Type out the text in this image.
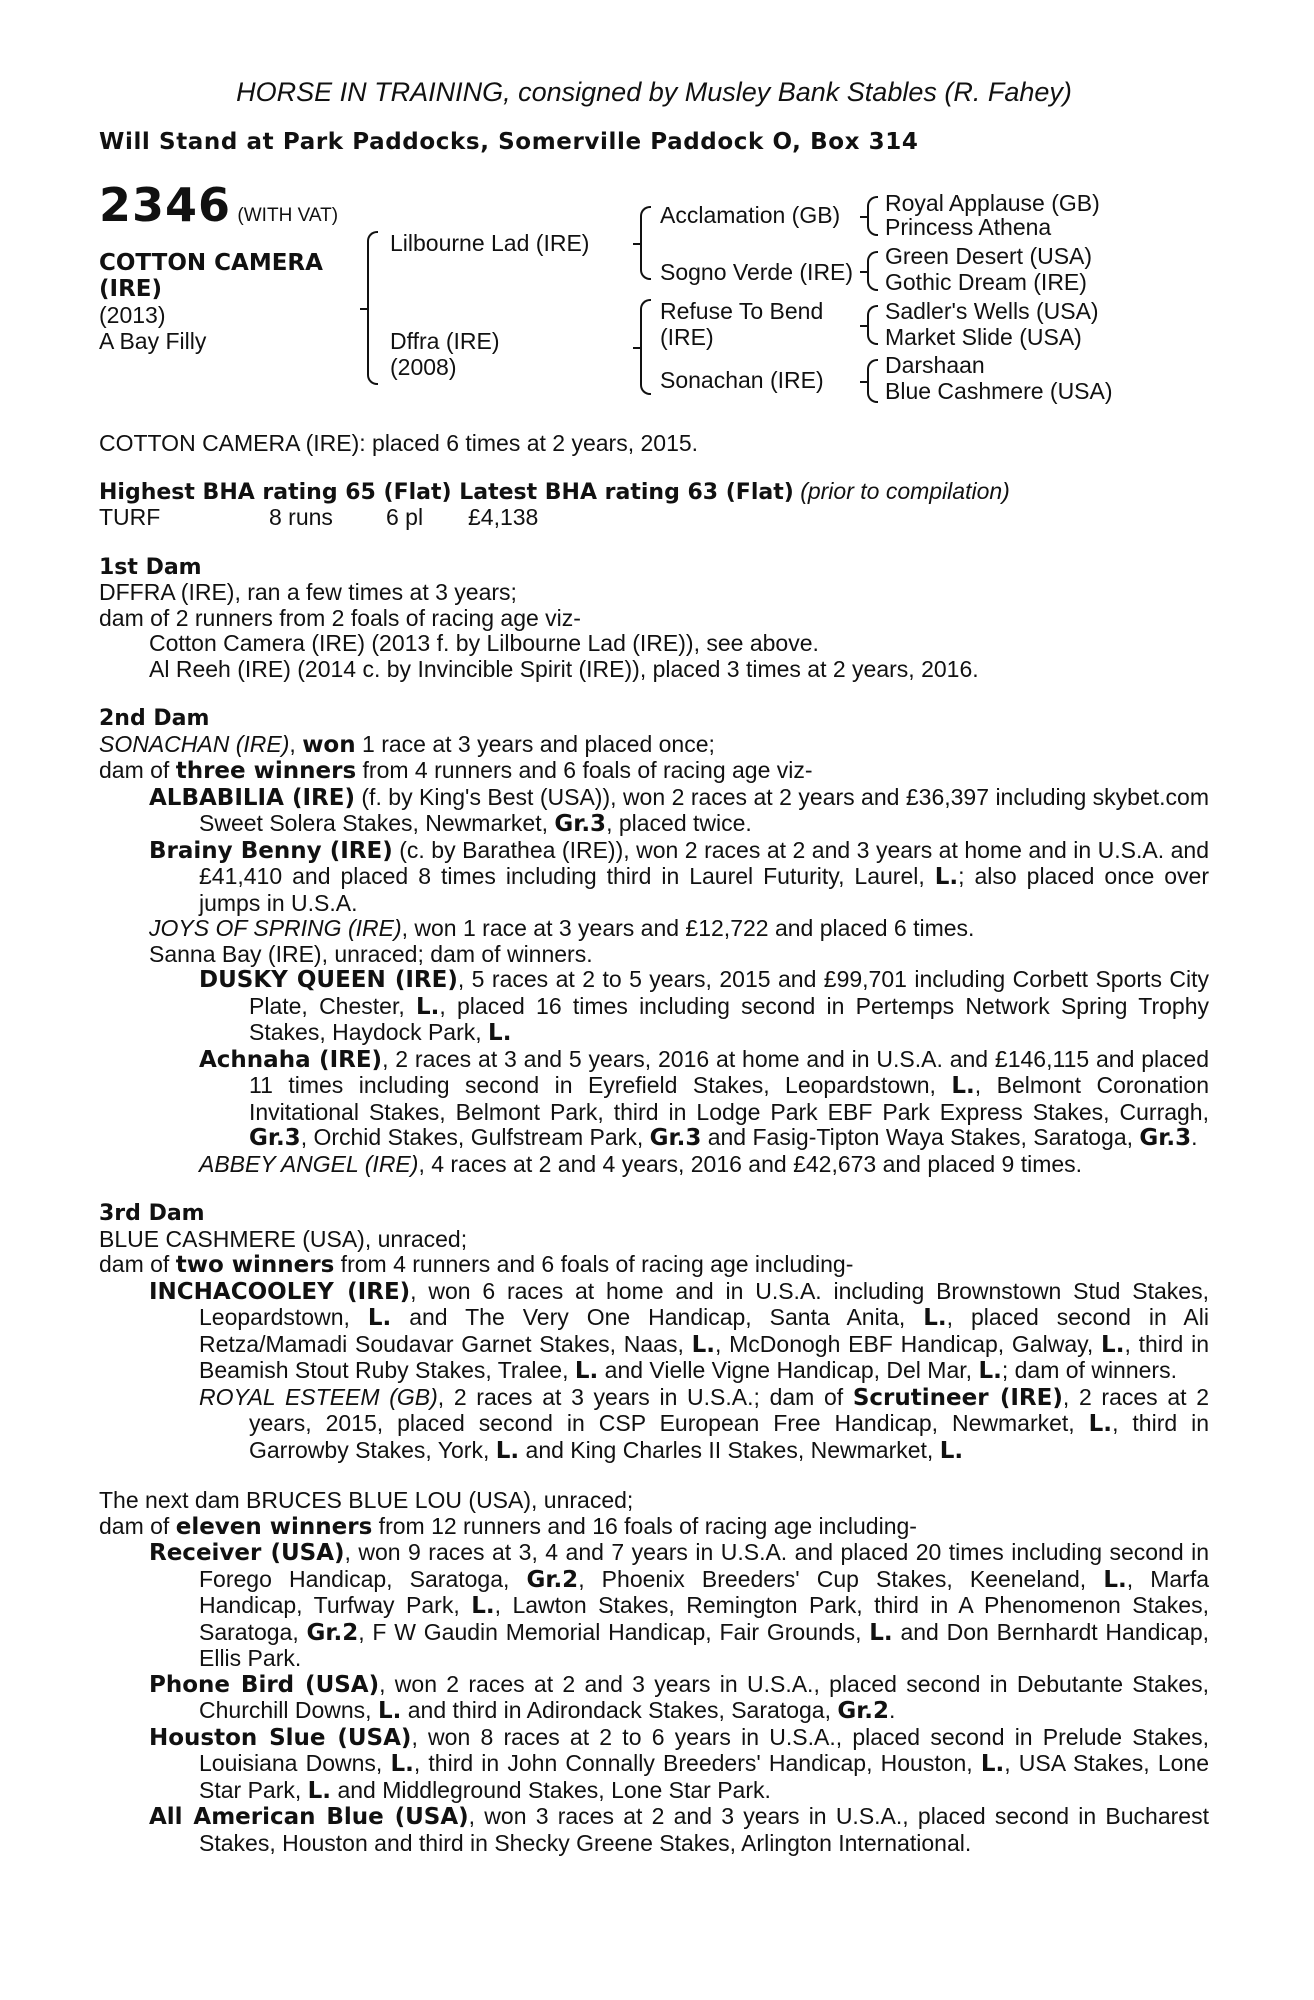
HORSE IN TRAINING, consigned by Musley Bank Stables (R. Fahey)
Will Stand at Park Paddocks, Somerville Paddock O, Box 314
2346 (WITH VAT)
COTTON CAMERA
(IRE)
(2013)
A Bay Filly
Lilbourne Lad (IRE)
Dffra (IRE)
(2008)
Acclamation (GB)
Sogno Verde (IRE)
Refuse To Bend
(IRE)
Sonachan (IRE)
Royal Applause (GB)
Princess Athena
Green Desert (USA)
Gothic Dream (IRE)
Sadler's Wells (USA)
Market Slide (USA)
Darshaan
Blue Cashmere (USA)
COTTON CAMERA (IRE): placed 6 times at 2 years, 2015.
Highest BHA rating 65 (Flat) Latest BHA rating 63 (Flat) (prior to compilation)
TURF	8 runs 6 pl £4,138
1st Dam
DFFRA (IRE), ran a few times at 3 years;
dam of 2 runners from 2 foals of racing age viz-
Cotton Camera (IRE) (2013 f. by Lilbourne Lad (IRE)), see above.
Al Reeh (IRE) (2014 c. by Invincible Spirit (IRE)), placed 3 times at 2 years, 2016.
2nd Dam
SONACHAN (IRE), won 1 race at 3 years and placed once;
dam of three winners from 4 runners and 6 foals of racing age viz-
ALBABILIA (IRE) (f. by King's Best (USA)), won 2 races at 2 years and £36,397 including skybet.com Sweet Solera Stakes, Newmarket, Gr.3, placed twice.
Brainy Benny (IRE) (c. by Barathea (IRE)), won 2 races at 2 and 3 years at home and in U.S.A. and £41,410 and placed 8 times including third in Laurel Futurity, Laurel, L.; also placed once over jumps in U.S.A.
JOYS OF SPRING (IRE), won 1 race at 3 years and £12,722 and placed 6 times.
Sanna Bay (IRE), unraced; dam of winners.
DUSKY QUEEN (IRE), 5 races at 2 to 5 years, 2015 and £99,701 including Corbett Sports City Plate, Chester, L., placed 16 times including second in Pertemps Network Spring Trophy Stakes, Haydock Park, L.
Achnaha (IRE), 2 races at 3 and 5 years, 2016 at home and in U.S.A. and £146,115 and placed 11 times including second in Eyrefield Stakes, Leopardstown, L., Belmont Coronation Invitational Stakes, Belmont Park, third in Lodge Park EBF Park Express Stakes, Curragh, Gr.3, Orchid Stakes, Gulfstream Park, Gr.3 and Fasig-Tipton Waya Stakes, Saratoga, Gr.3.
ABBEY ANGEL (IRE), 4 races at 2 and 4 years, 2016 and £42,673 and placed 9 times.
3rd Dam
BLUE CASHMERE (USA), unraced;
dam of two winners from 4 runners and 6 foals of racing age including-
INCHACOOLEY (IRE), won 6 races at home and in U.S.A. including Brownstown Stud Stakes, Leopardstown, L. and The Very One Handicap, Santa Anita, L., placed second in Ali Retza/Mamadi Soudavar Garnet Stakes, Naas, L., McDonogh EBF Handicap, Galway, L., third in Beamish Stout Ruby Stakes, Tralee, L. and Vielle Vigne Handicap, Del Mar, L.; dam of winners.
ROYAL ESTEEM (GB), 2 races at 3 years in U.S.A.; dam of Scrutineer (IRE), 2 races at 2 years, 2015, placed second in CSP European Free Handicap, Newmarket, L., third in Garrowby Stakes, York, L. and King Charles II Stakes, Newmarket, L.
The next dam BRUCES BLUE LOU (USA), unraced;
dam of eleven winners from 12 runners and 16 foals of racing age including-
Receiver (USA), won 9 races at 3, 4 and 7 years in U.S.A. and placed 20 times including second in Forego Handicap, Saratoga, Gr.2, Phoenix Breeders' Cup Stakes, Keeneland, L., Marfa Handicap, Turfway Park, L., Lawton Stakes, Remington Park, third in A Phenomenon Stakes, Saratoga, Gr.2, F W Gaudin Memorial Handicap, Fair Grounds, L. and Don Bernhardt Handicap, Ellis Park.
Phone Bird (USA), won 2 races at 2 and 3 years in U.S.A., placed second in Debutante Stakes, Churchill Downs, L. and third in Adirondack Stakes, Saratoga, Gr.2.
Houston Slue (USA), won 8 races at 2 to 6 years in U.S.A., placed second in Prelude Stakes, Louisiana Downs, L., third in John Connally Breeders' Handicap, Houston, L., USA Stakes, Lone Star Park, L. and Middleground Stakes, Lone Star Park.
All American Blue (USA), won 3 races at 2 and 3 years in U.S.A., placed second in Bucharest Stakes, Houston and third in Shecky Greene Stakes, Arlington International.
